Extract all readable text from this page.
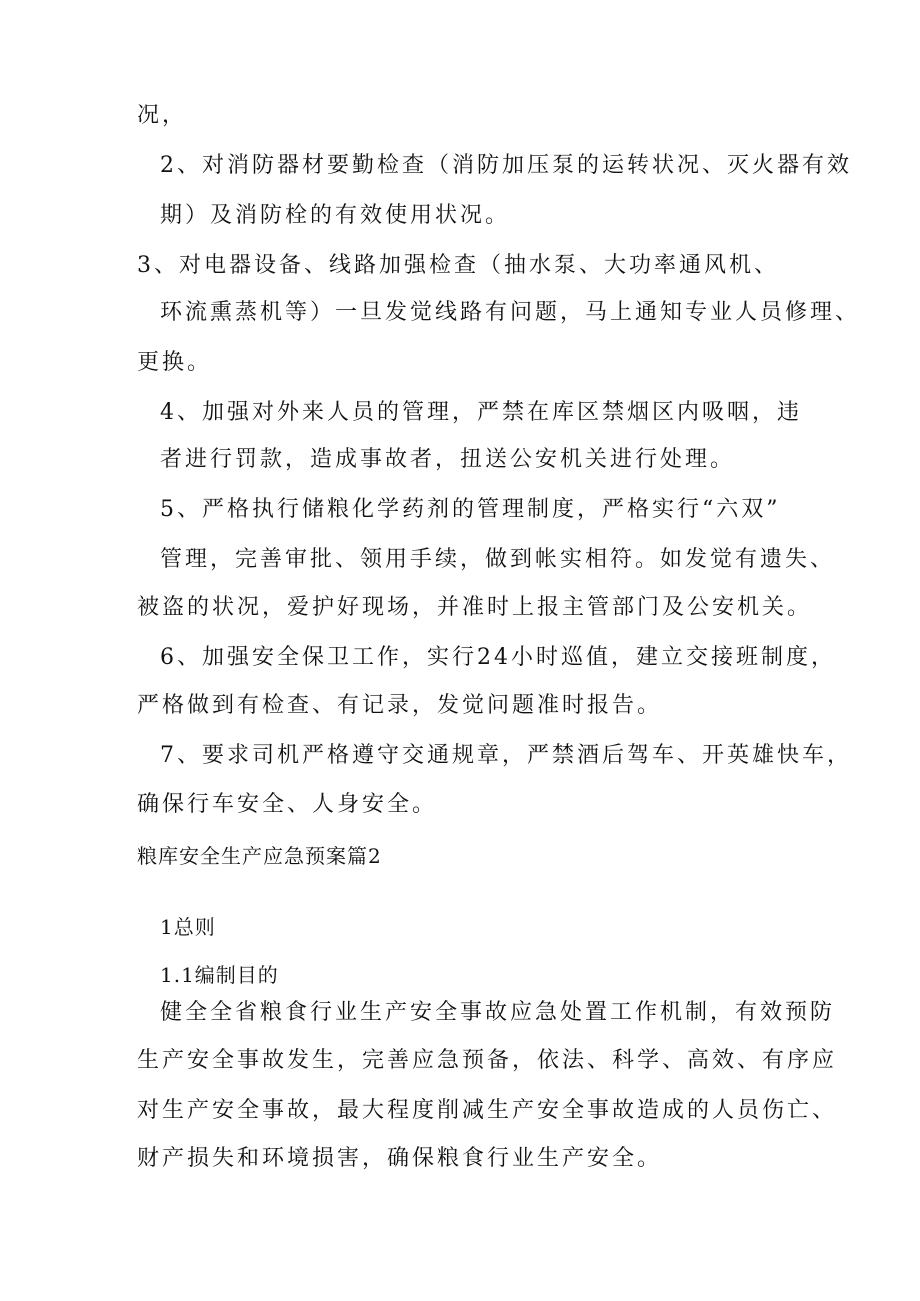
况，
2、对消防器材要勤检查（消防加压泵的运转状况、灭火器有效
期）及消防栓的有效使用状况。
3、对电器设备、线路加强检查（抽水泵、大功率通风机、
环流熏蒸机等）一旦发觉线路有问题，马上通知专业人员修理、
更换。
4、加强对外来人员的管理，严禁在库区禁烟区内吸咽，违
者进行罚款，造成事故者，扭送公安机关进行处理。
5、严格执行储粮化学药剂的管理制度，严格实行“六双”
管理，完善审批、领用手续，做到帐实相符。如发觉有遗失、
被盗的状况，爱护好现场，并准时上报主管部门及公安机关。
6、加强安全保卫工作，实行24小时巡值，建立交接班制度，
严格做到有检查、有记录，发觉问题准时报告。
7、要求司机严格遵守交通规章，严禁酒后驾车、开英雄快车，
确保行车安全、人身安全。
粮库安全生产应急预案篇2
1总则
1.1编制目的
健全全省粮食行业生产安全事故应急处置工作机制，有效预防
生产安全事故发生，完善应急预备，依法、科学、高效、有序应
对生产安全事故，最大程度削减生产安全事故造成的人员伤亡、
财产损失和环境损害，确保粮食行业生产安全。
